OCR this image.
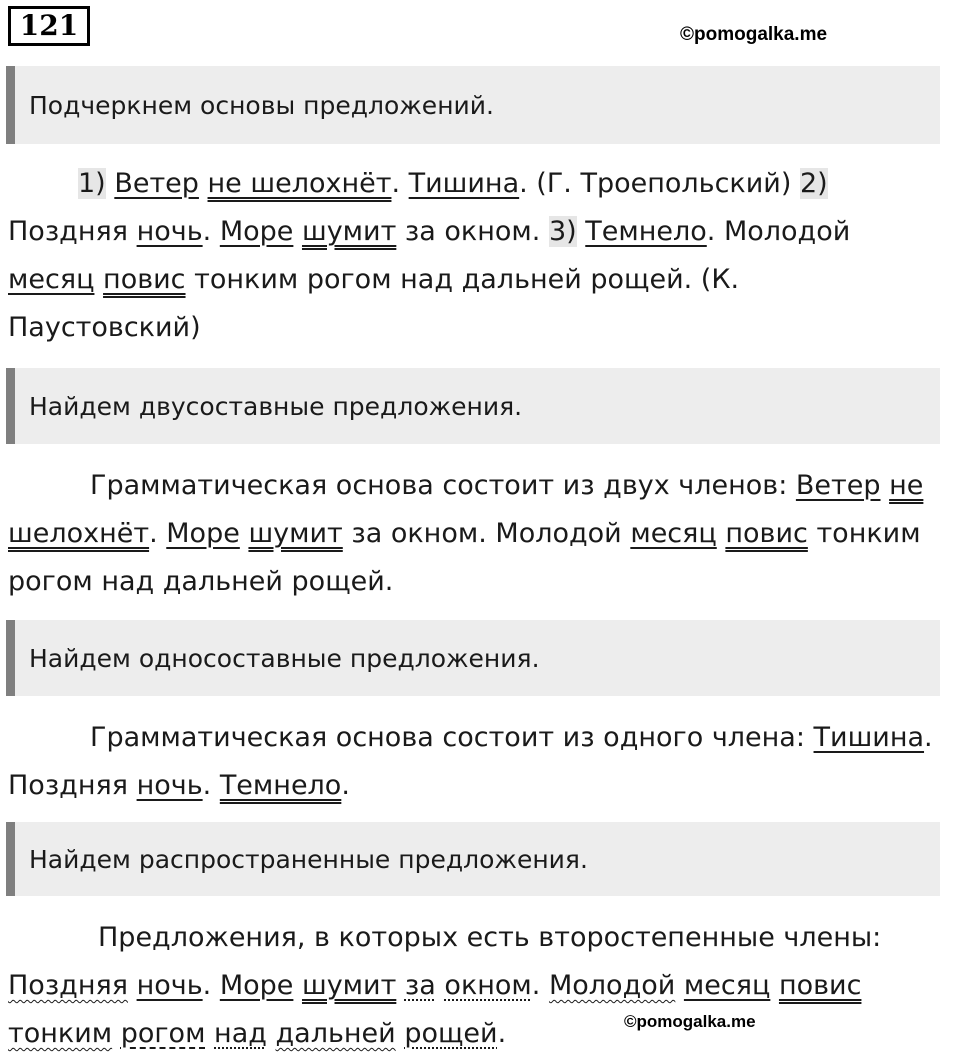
121	©pomogalka.me
Подчеркнем основы предложений.

1) Ветер не шелохнёт. Тишина. (Г. Троепольский) 2) Поздняя ночь. Море шумит за окном. 3) Темнело. Молодой месяц повис тонким рогом над дальней рощей. (К. Паустовский)

Найдем двусоставные предложения.

Грамматическая основа состоит из двух членов: Ветер не шелохнёт. Море шумит за окном. Молодой месяц повис тонким рогом над дальней рощей.

Найдем односоставные предложения.

Грамматическая основа состоит из одного члена: Тишина. Поздняя ночь. Темнело.

Найдем распространенные предложения.

Предложения, в которых есть второстепенные члены: Поздняя ночь. Море шумит за окном. Молодой месяц повис тонким рогом над дальней рощей.	©pomogalka.me
